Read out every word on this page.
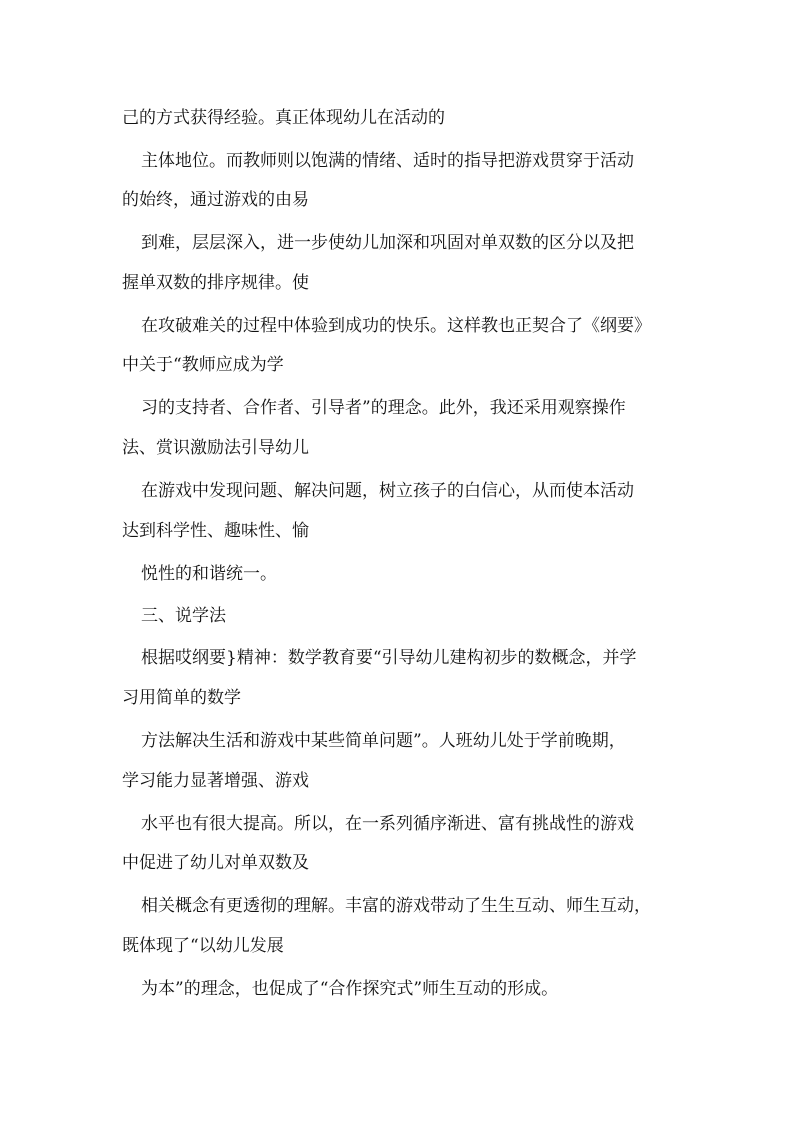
己的方式获得经验。真正体现幼儿在活动的
主体地位。而教师则以饱满的情绪、适时的指导把游戏贯穿于活动
的始终，通过游戏的由易
到难，层层深入，进一步使幼儿加深和巩固对单双数的区分以及把
握单双数的排序规律。使
在攻破难关的过程中体验到成功的快乐。这样教也正契合了《纲要》
中关于“教师应成为学
习的支持者、合作者、引导者”的理念。此外，我还采用观察操作
法、赏识激励法引导幼儿
在游戏中发现问题、解决问题，树立孩子的白信心，从而使本活动
达到科学性、趣味性、愉
悦性的和谐统一。
三、说学法
根据哎纲要}精神：数学教育要“引导幼儿建构初步的数概念，并学
习用简单的数学
方法解决生活和游戏中某些简单问题”。人班幼儿处于学前晚期，
学习能力显著增强、游戏
水平也有很大提高。所以，在一系列循序渐进、富有挑战性的游戏
中促进了幼儿对单双数及
相关概念有更透彻的理解。丰富的游戏带动了生生互动、师生互动，
既体现了“以幼儿发展
为本”的理念，也促成了“合作探究式”师生互动的形成。
